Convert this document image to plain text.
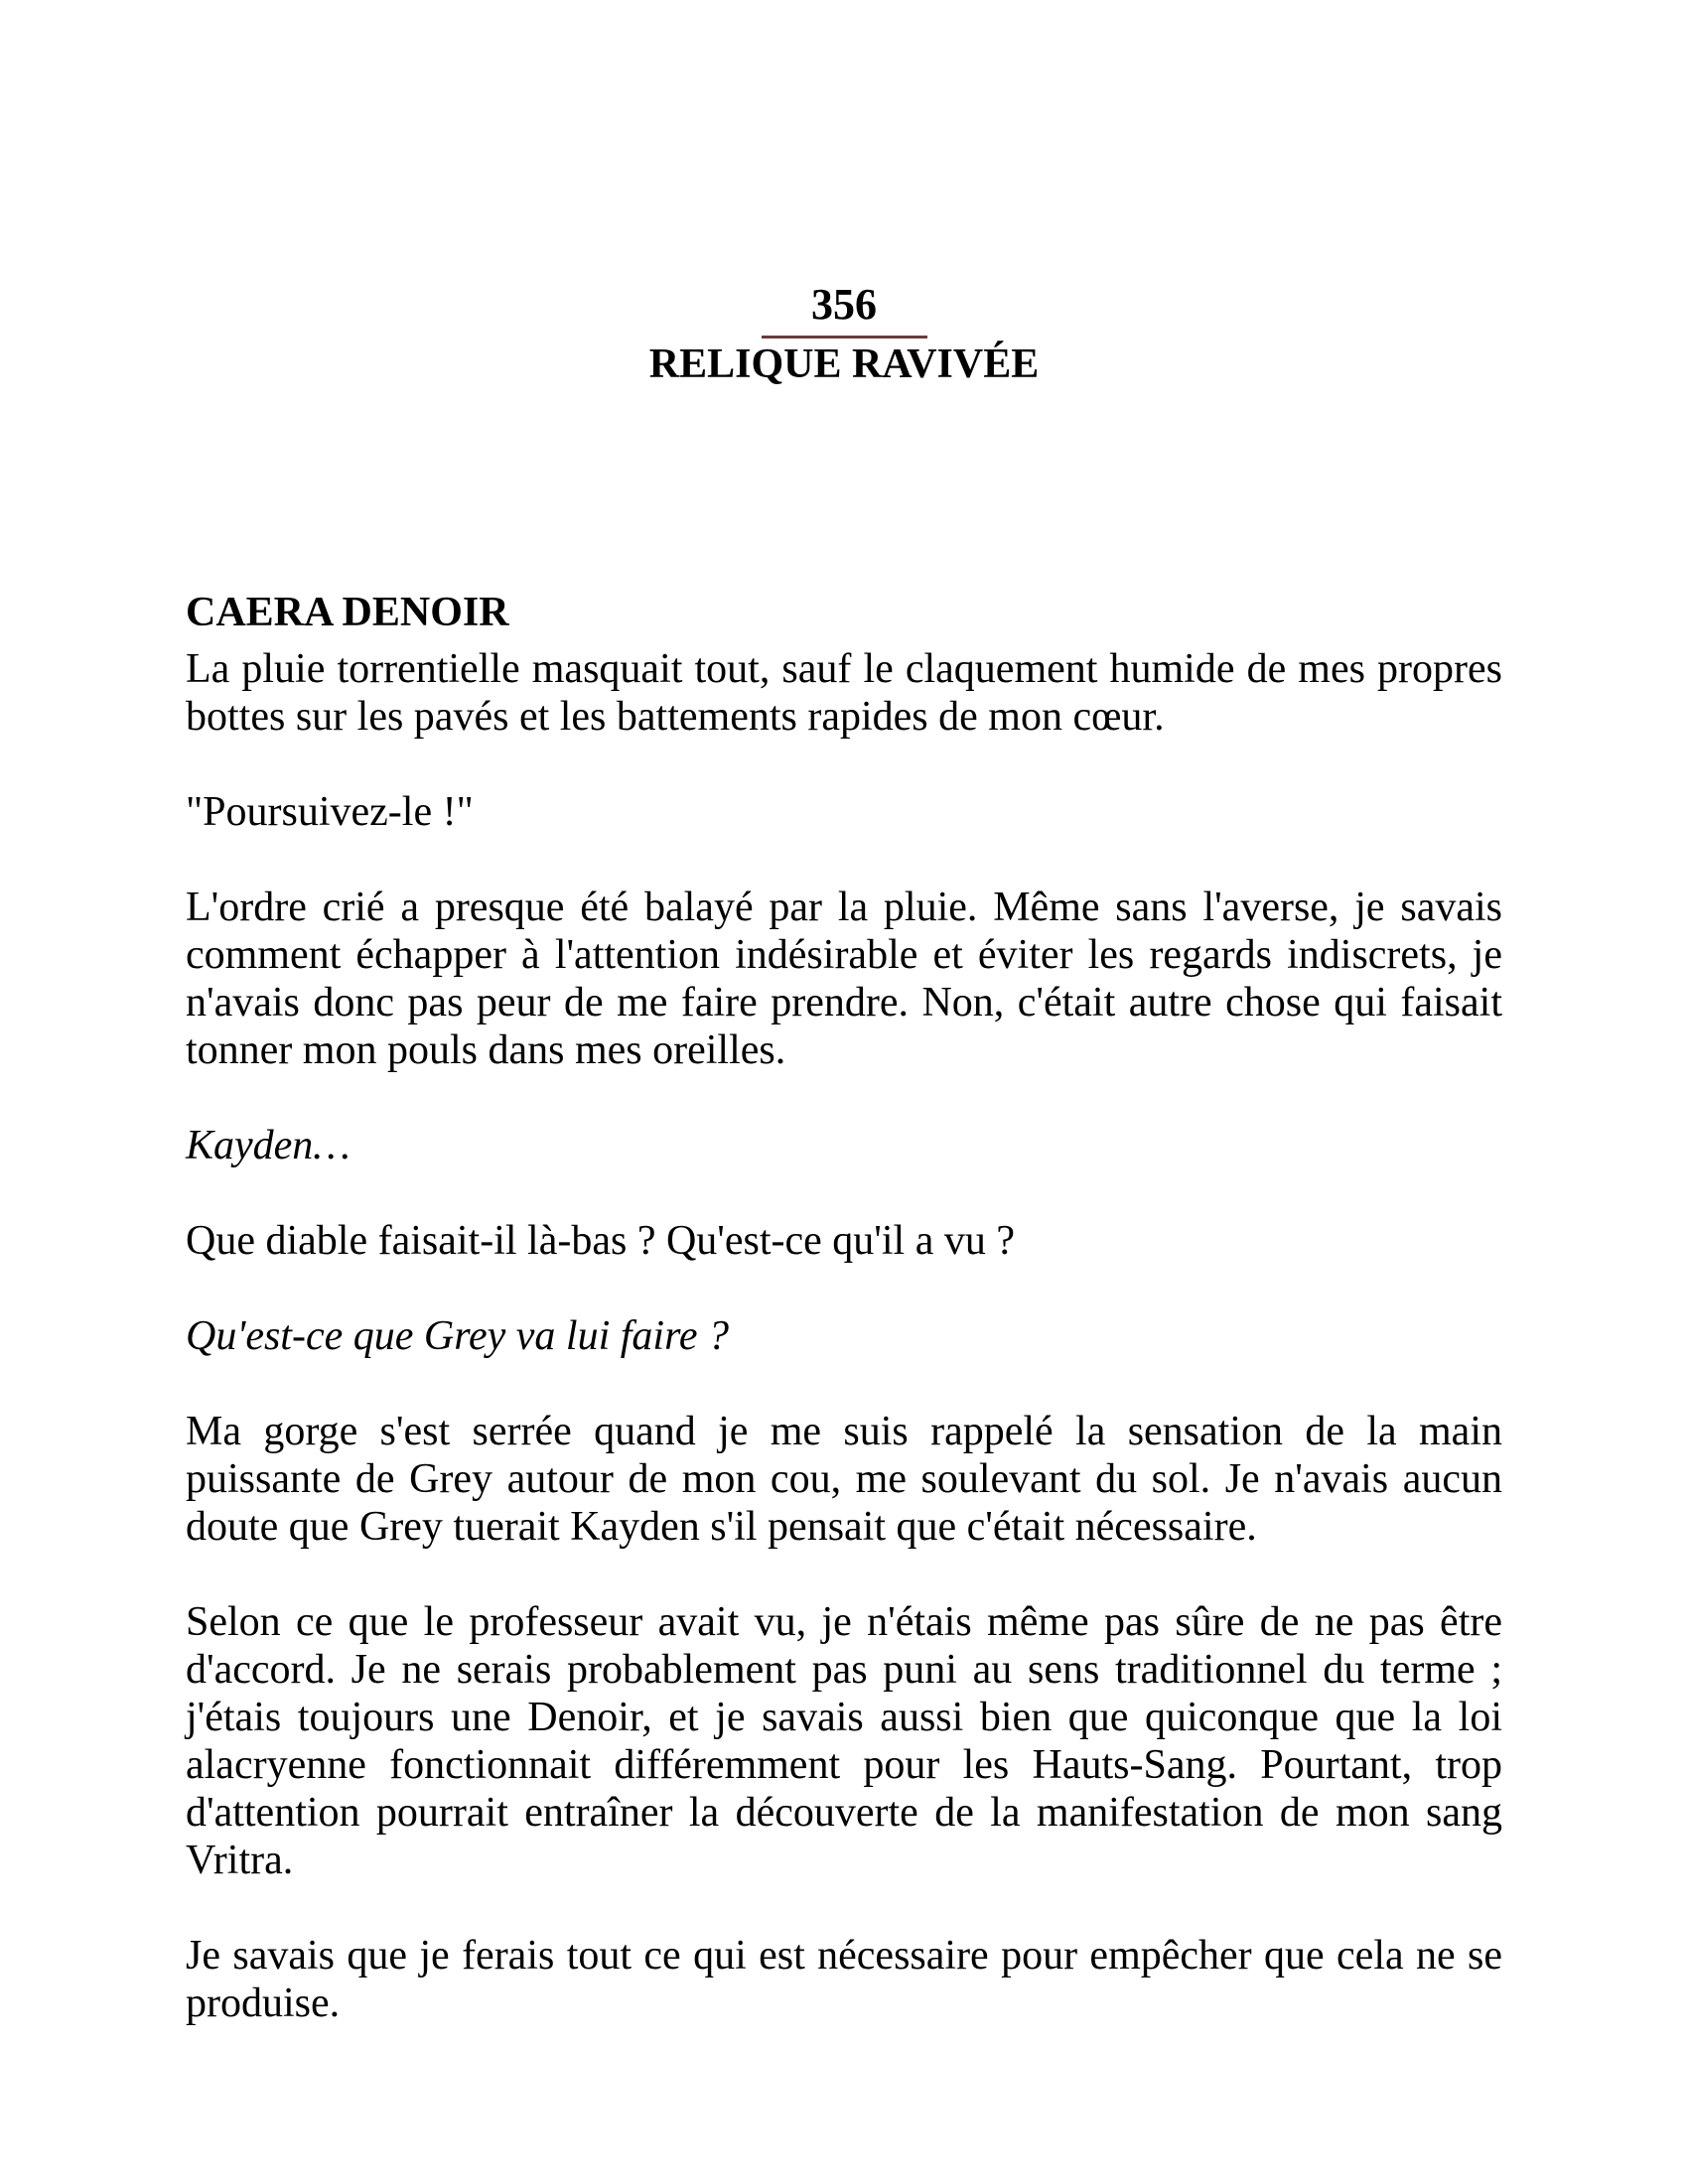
356

RELIQUE RAVIVÉE

CAERA DENOIR

La pluie torrentielle masquait tout, sauf le claquement humide de mes propres bottes sur les pavés et les battements rapides de mon cœur.

"Poursuivez-le !"

L'ordre crié a presque été balayé par la pluie. Même sans l'averse, je savais comment échapper à l'attention indésirable et éviter les regards indiscrets, je n'avais donc pas peur de me faire prendre. Non, c'était autre chose qui faisait tonner mon pouls dans mes oreilles.

Kayden…

Que diable faisait-il là-bas ? Qu'est-ce qu'il a vu ?

Qu'est-ce que Grey va lui faire ?

Ma gorge s'est serrée quand je me suis rappelé la sensation de la main puissante de Grey autour de mon cou, me soulevant du sol. Je n'avais aucun doute que Grey tuerait Kayden s'il pensait que c'était nécessaire.

Selon ce que le professeur avait vu, je n'étais même pas sûre de ne pas être d'accord. Je ne serais probablement pas puni au sens traditionnel du terme ; j'étais toujours une Denoir, et je savais aussi bien que quiconque que la loi alacryenne fonctionnait différemment pour les Hauts-Sang. Pourtant, trop d'attention pourrait entraîner la découverte de la manifestation de mon sang Vritra.

Je savais que je ferais tout ce qui est nécessaire pour empêcher que cela ne se produise.
